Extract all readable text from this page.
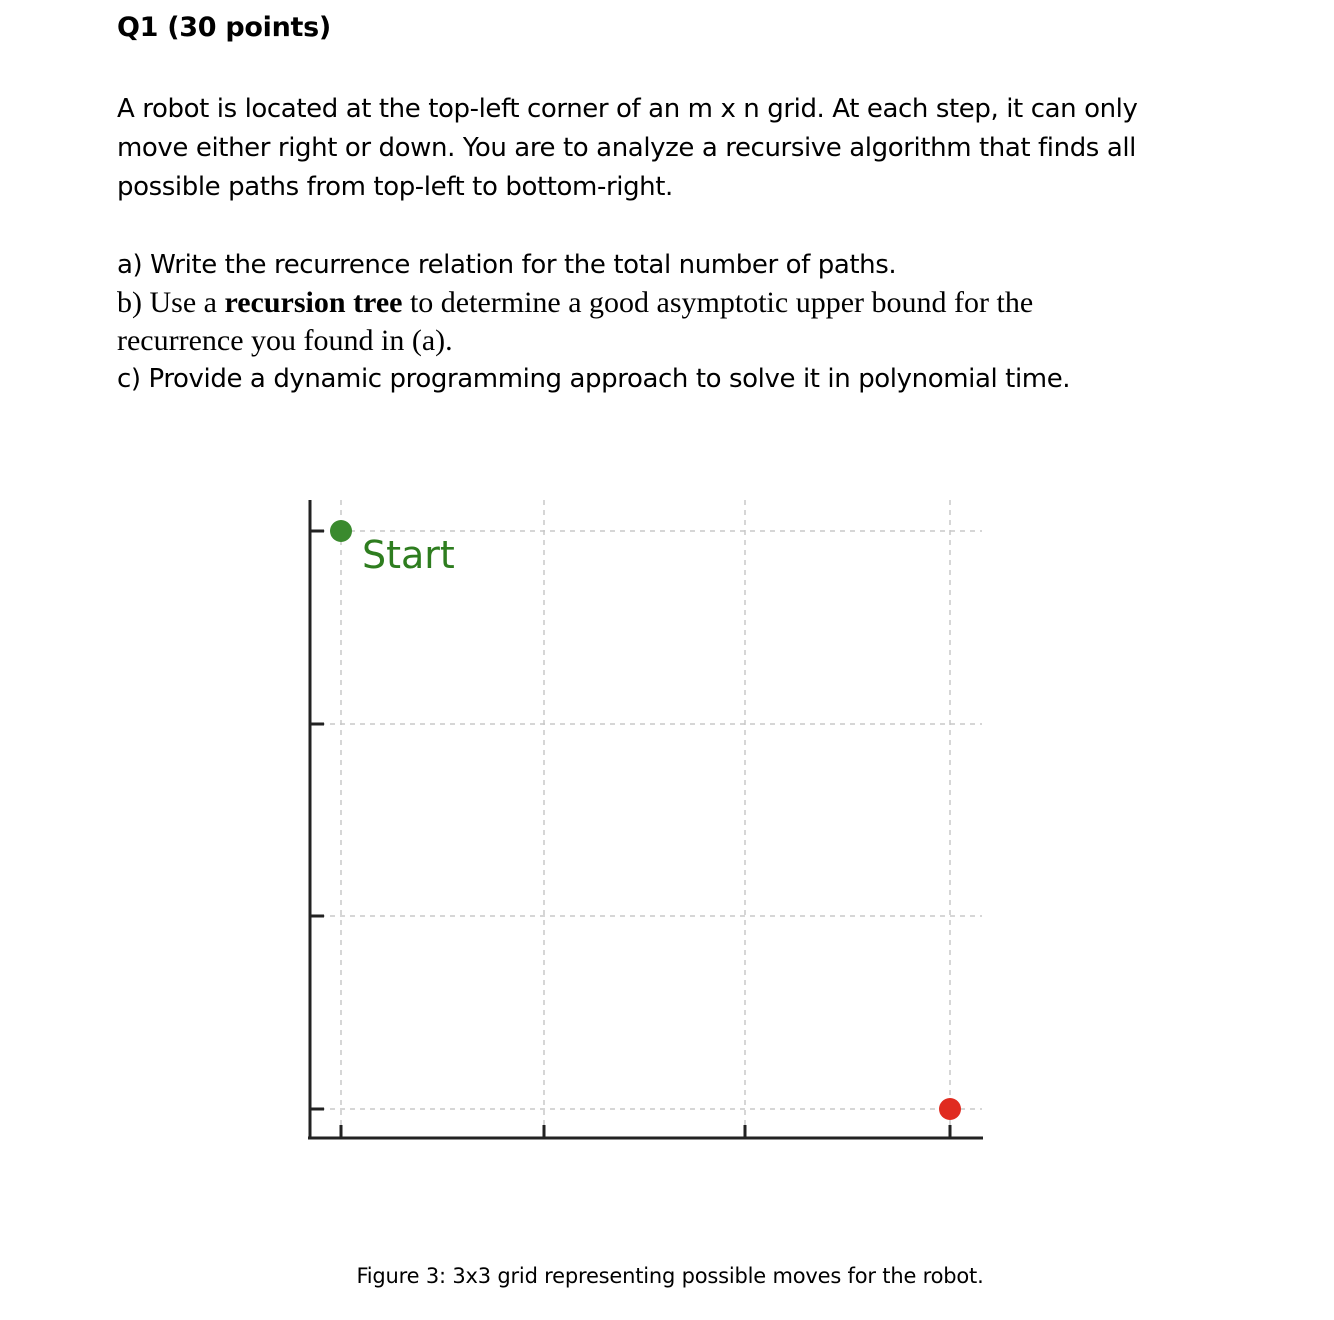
Q1 (30 points)
A robot is located at the top-left corner of an m x n grid. At each step, it can only
move either right or down. You are to analyze a recursive algorithm that finds all
possible paths from top-left to bottom-right.
a) Write the recurrence relation for the total number of paths.
b) Use a recursion tree to determine a good asymptotic upper bound for the
recurrence you found in (a).
c) Provide a dynamic programming approach to solve it in polynomial time.
Start
Figure 3: 3x3 grid representing possible moves for the robot.
